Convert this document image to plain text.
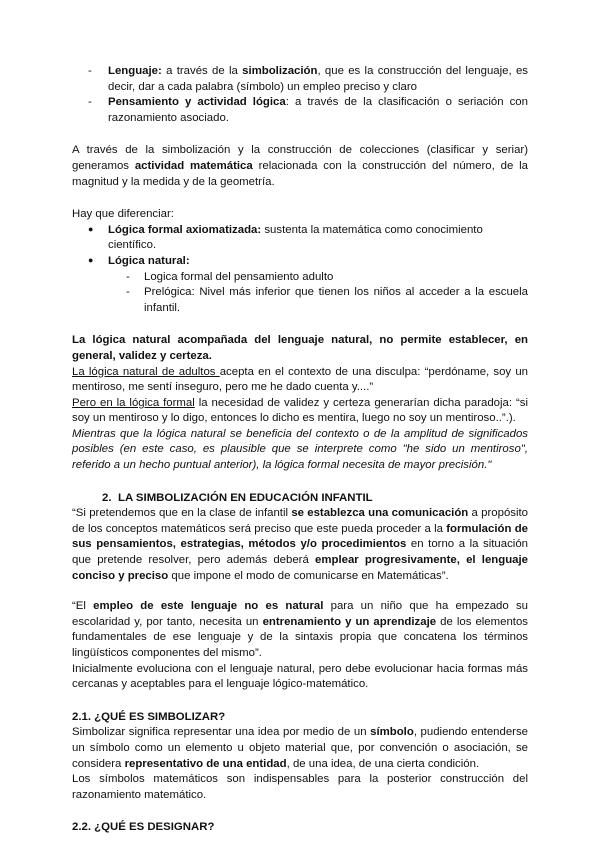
- Lenguaje: a través de la simbolización, que es la construcción del lenguaje, es decir, dar a cada palabra (símbolo) un empleo preciso y claro
- Pensamiento y actividad lógica: a través de la clasificación o seriación con razonamiento asociado.

A través de la simbolización y la construcción de colecciones (clasificar y seriar) generamos actividad matemática relacionada con la construcción del número, de la magnitud y la medida y de la geometría.

Hay que diferenciar:

● Lógica formal axiomatizada: sustenta la matemática como conocimiento científico.
● Lógica natural:
- Logica formal del pensamiento adulto
- Prelógica: Nivel más inferior que tienen los niños al acceder a la escuela infantil.

La lógica natural acompañada del lenguaje natural, no permite establecer, en general, validez y certeza.

La lógica natural de adultos acepta en el contexto de una disculpa: “perdóname, soy un mentiroso, me sentí inseguro, pero me he dado cuenta y....”

Pero en la lógica formal la necesidad de validez y certeza generarían dicha paradoja: “si soy un mentiroso y lo digo, entonces lo dicho es mentira, luego no soy un mentiroso..”.).

Mientras que la lógica natural se beneficia del contexto o de la amplitud de significados posibles (en este caso, es plausible que se interprete como "he sido un mentiroso", referido a un hecho puntual anterior), la lógica formal necesita de mayor precisión."

2. LA SIMBOLIZACIÓN EN EDUCACIÓN INFANTIL

“Si pretendemos que en la clase de infantil se establezca una comunicación a propósito de los conceptos matemáticos será preciso que este pueda proceder a la formulación de sus pensamientos, estrategias, métodos y/o procedimientos en torno a la situación que pretende resolver, pero además deberá emplear progresivamente, el lenguaje conciso y preciso que impone el modo de comunicarse en Matemáticas”.

“El empleo de este lenguaje no es natural para un niño que ha empezado su escolaridad y, por tanto, necesita un entrenamiento y un aprendizaje de los elementos fundamentales de ese lenguaje y de la sintaxis propia que concatena los términos lingüísticos componentes del mismo”.

Inicialmente evoluciona con el lenguaje natural, pero debe evolucionar hacia formas más cercanas y aceptables para el lenguaje lógico-matemático.

2.1. ¿QUÉ ES SIMBOLIZAR?

Simbolizar significa representar una idea por medio de un símbolo, pudiendo entenderse un símbolo como un elemento u objeto material que, por convención o asociación, se considera representativo de una entidad, de una idea, de una cierta condición.

Los símbolos matemáticos son indispensables para la posterior construcción del razonamiento matemático.

2.2. ¿QUÉ ES DESIGNAR?
